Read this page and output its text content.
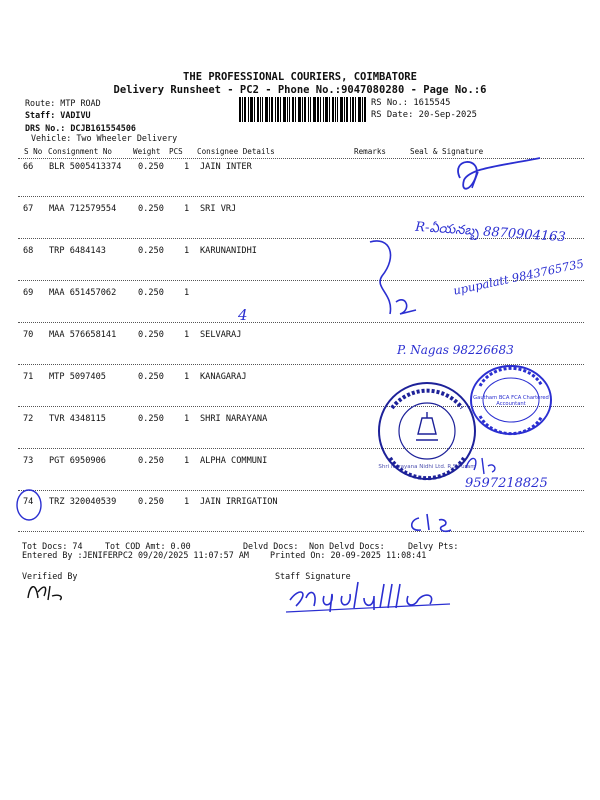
THE PROFESSIONAL COURIERS, COIMBATORE
Delivery Runsheet - PC2 - Phone No.:9047080280 - Page No.:6
Route: MTP ROAD
Staff: VADIVU
DRS No.: DCJB161554506
Vehicle: Two Wheeler Delivery
RS No.: 1615545
RS Date: 20-Sep-2025
S No Consignment No	Weight PCS Consignee Details	Remarks	Seal & Signature
66 BLR 5005413374 0.250 1 JAIN INTER
67 MAA 712579554	0.250 1 SRI VRJ
68 TRP 6484143	0.250 1 KARUNANIDHI
69 MAA 651457062	0.250 1
70 MAA 576658141	0.250 1 SELVARAJ
71 MTP 5097405	0.250 1 KANAGARAJ
72 TVR 4348115	0.250 1 SHRI NARAYANA
73 PGT 6950906	0.250 1 ALPHA COMMUNI
74 TRZ 320040539	0.250 1 JAIN IRRIGATION
Tot Docs: 74	Tot COD Amt: 0.00	Delvd Docs: Non Delvd Docs:	Delvy Pts:
Entered By :JENIFERPC2 09/20/2025 11:07:57 AM	Printed On: 20-09-2025 11:08:41
Verified By	Staff Signature
R-ఏయనబ్బ 8870904163
upupalatt 9843765735
P. Nagas 98226683
9597218825
4
Shri Narayana Nidhi Ltd. R.S.Puram
Gautham BCA FCA Chartered Accountant
